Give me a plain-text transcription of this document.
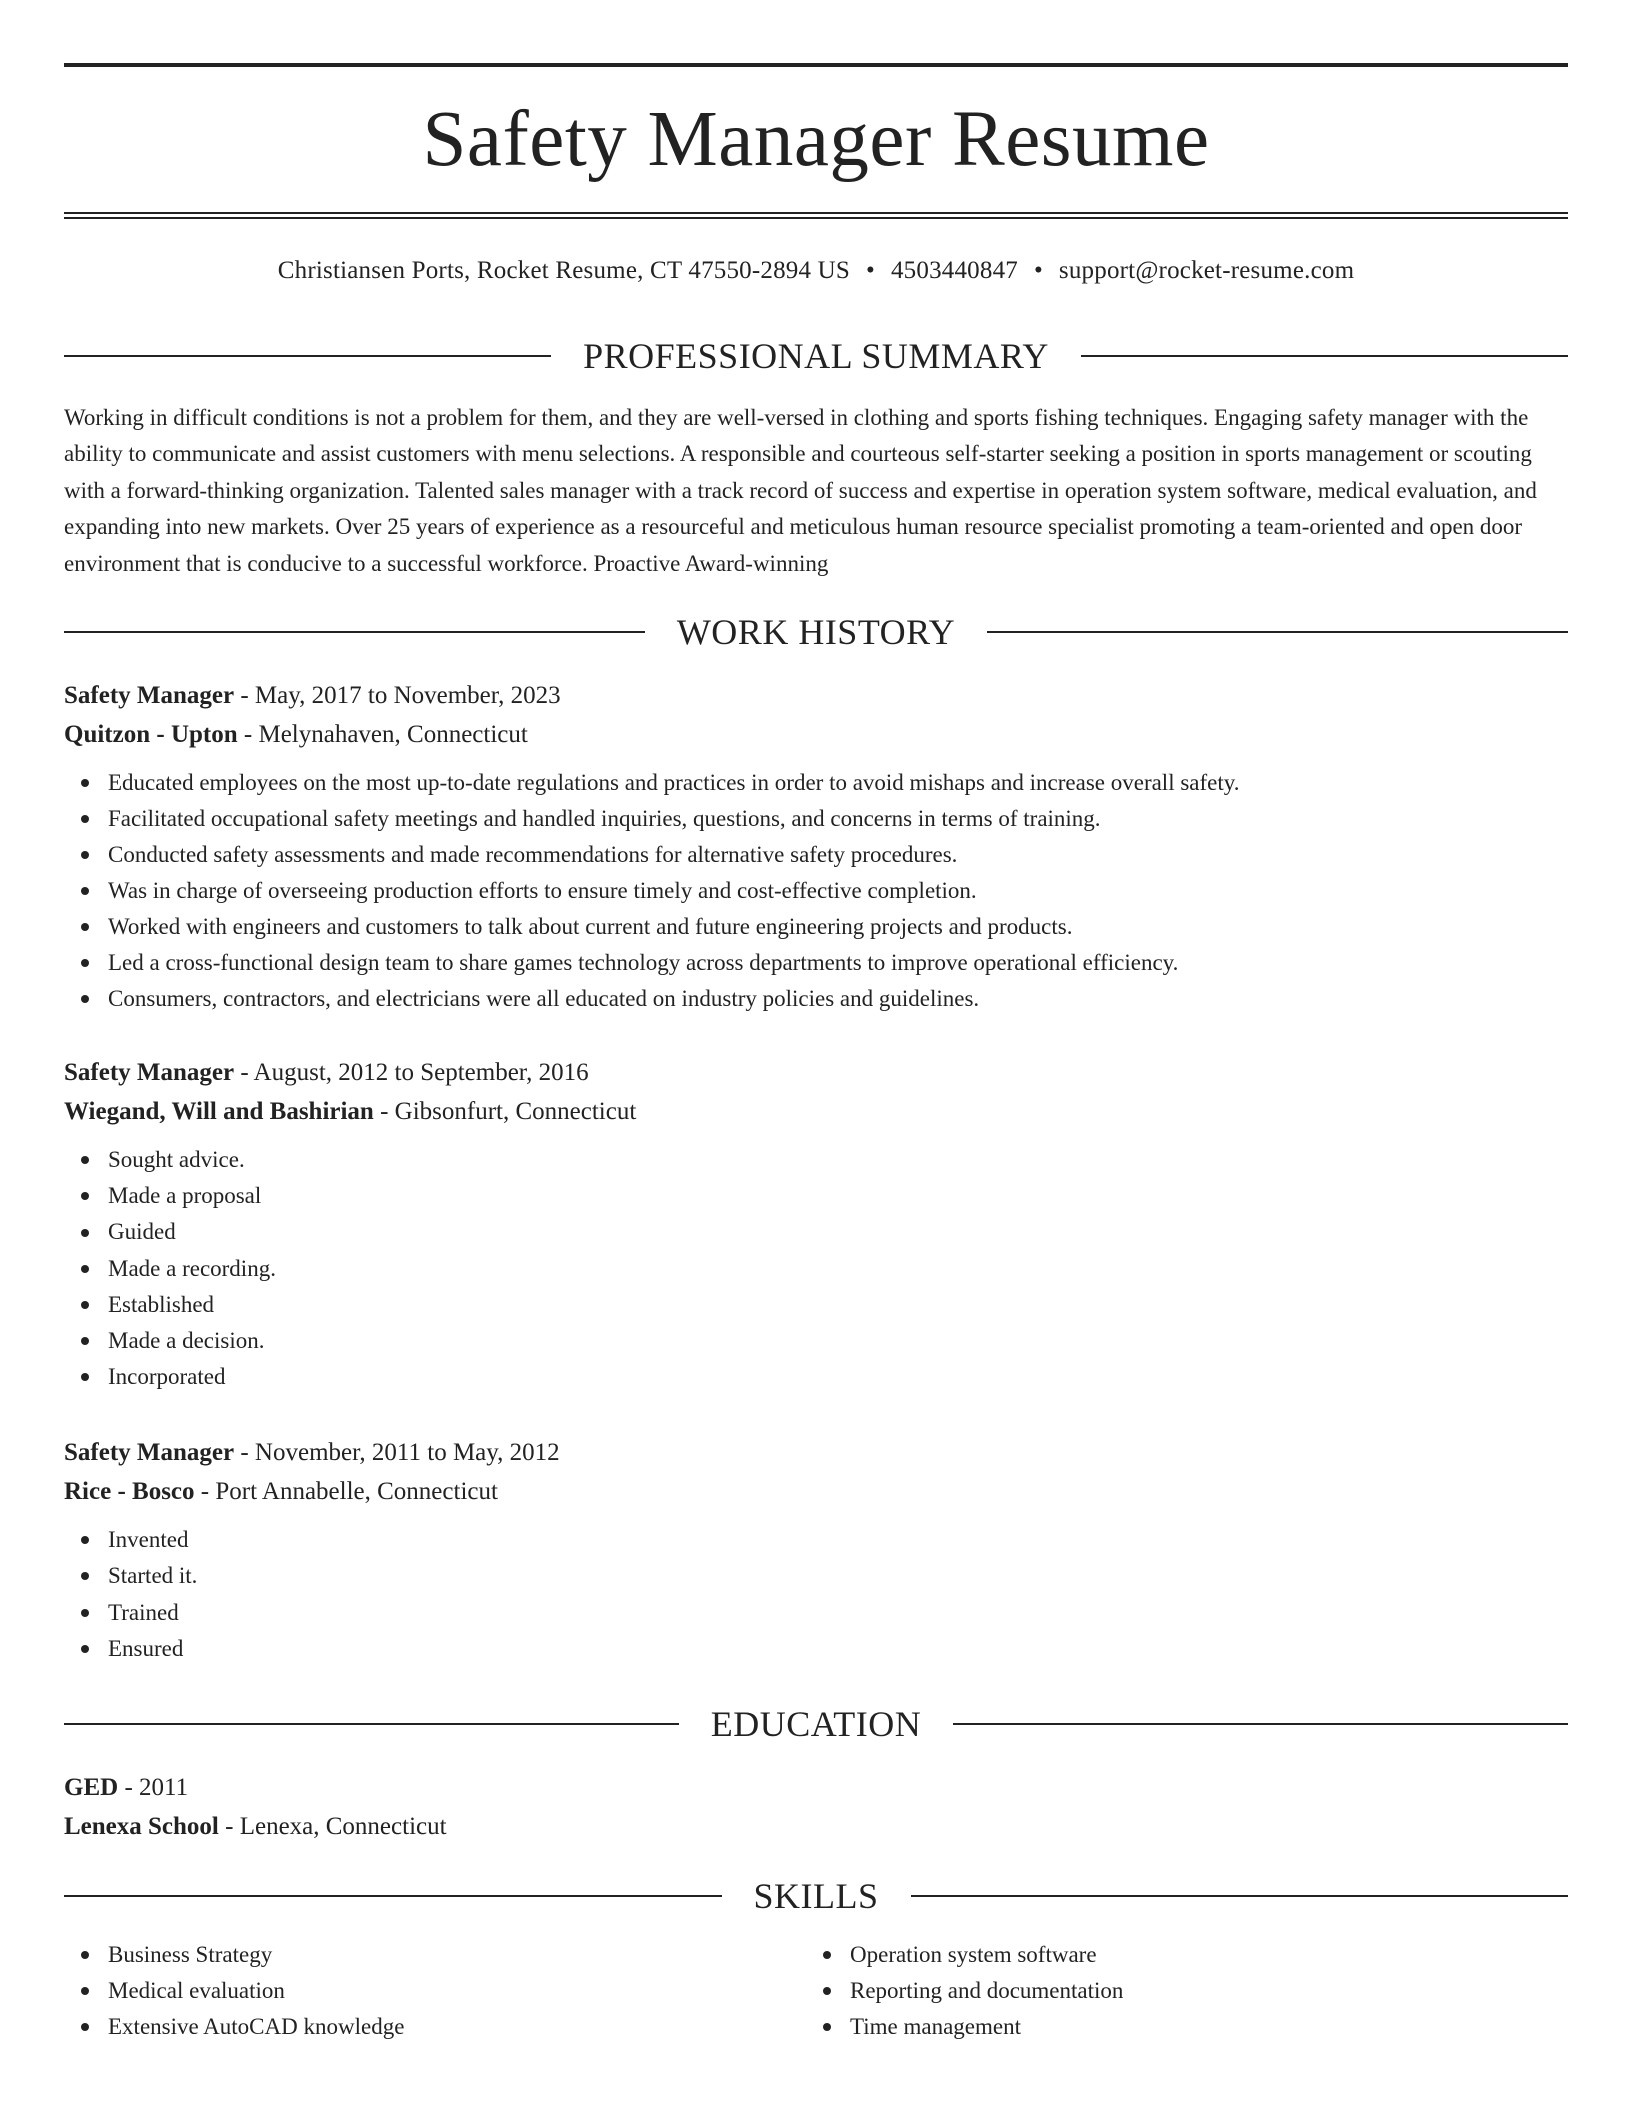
Safety Manager Resume
Christiansen Ports, Rocket Resume, CT 47550-2894 US • 4503440847 • support@rocket-resume.com
PROFESSIONAL SUMMARY

Working in difficult conditions is not a problem for them, and they are well-versed in clothing and sports fishing techniques. Engaging safety manager with the ability to communicate and assist customers with menu selections. A responsible and courteous self-starter seeking a position in sports management or scouting with a forward-thinking organization. Talented sales manager with a track record of success and expertise in operation system software, medical evaluation, and expanding into new markets. Over 25 years of experience as a resourceful and meticulous human resource specialist promoting a team-oriented and open door environment that is conducive to a successful workforce. Proactive Award-winning

WORK HISTORY
Safety Manager - May, 2017 to November, 2023
Quitzon - Upton - Melynahaven, Connecticut
Educated employees on the most up-to-date regulations and practices in order to avoid mishaps and increase overall safety.
Facilitated occupational safety meetings and handled inquiries, questions, and concerns in terms of training.
Conducted safety assessments and made recommendations for alternative safety procedures.
Was in charge of overseeing production efforts to ensure timely and cost-effective completion.
Worked with engineers and customers to talk about current and future engineering projects and products.
Led a cross-functional design team to share games technology across departments to improve operational efficiency.
Consumers, contractors, and electricians were all educated on industry policies and guidelines.
Safety Manager - August, 2012 to September, 2016
Wiegand, Will and Bashirian - Gibsonfurt, Connecticut
Sought advice.
Made a proposal
Guided
Made a recording.
Established
Made a decision.
Incorporated
Safety Manager - November, 2011 to May, 2012
Rice - Bosco - Port Annabelle, Connecticut
Invented
Started it.
Trained
Ensured
EDUCATION
GED - 2011
Lenexa School - Lenexa, Connecticut
SKILLS
Business Strategy
Medical evaluation
Extensive AutoCAD knowledge
Operation system software
Reporting and documentation
Time management
